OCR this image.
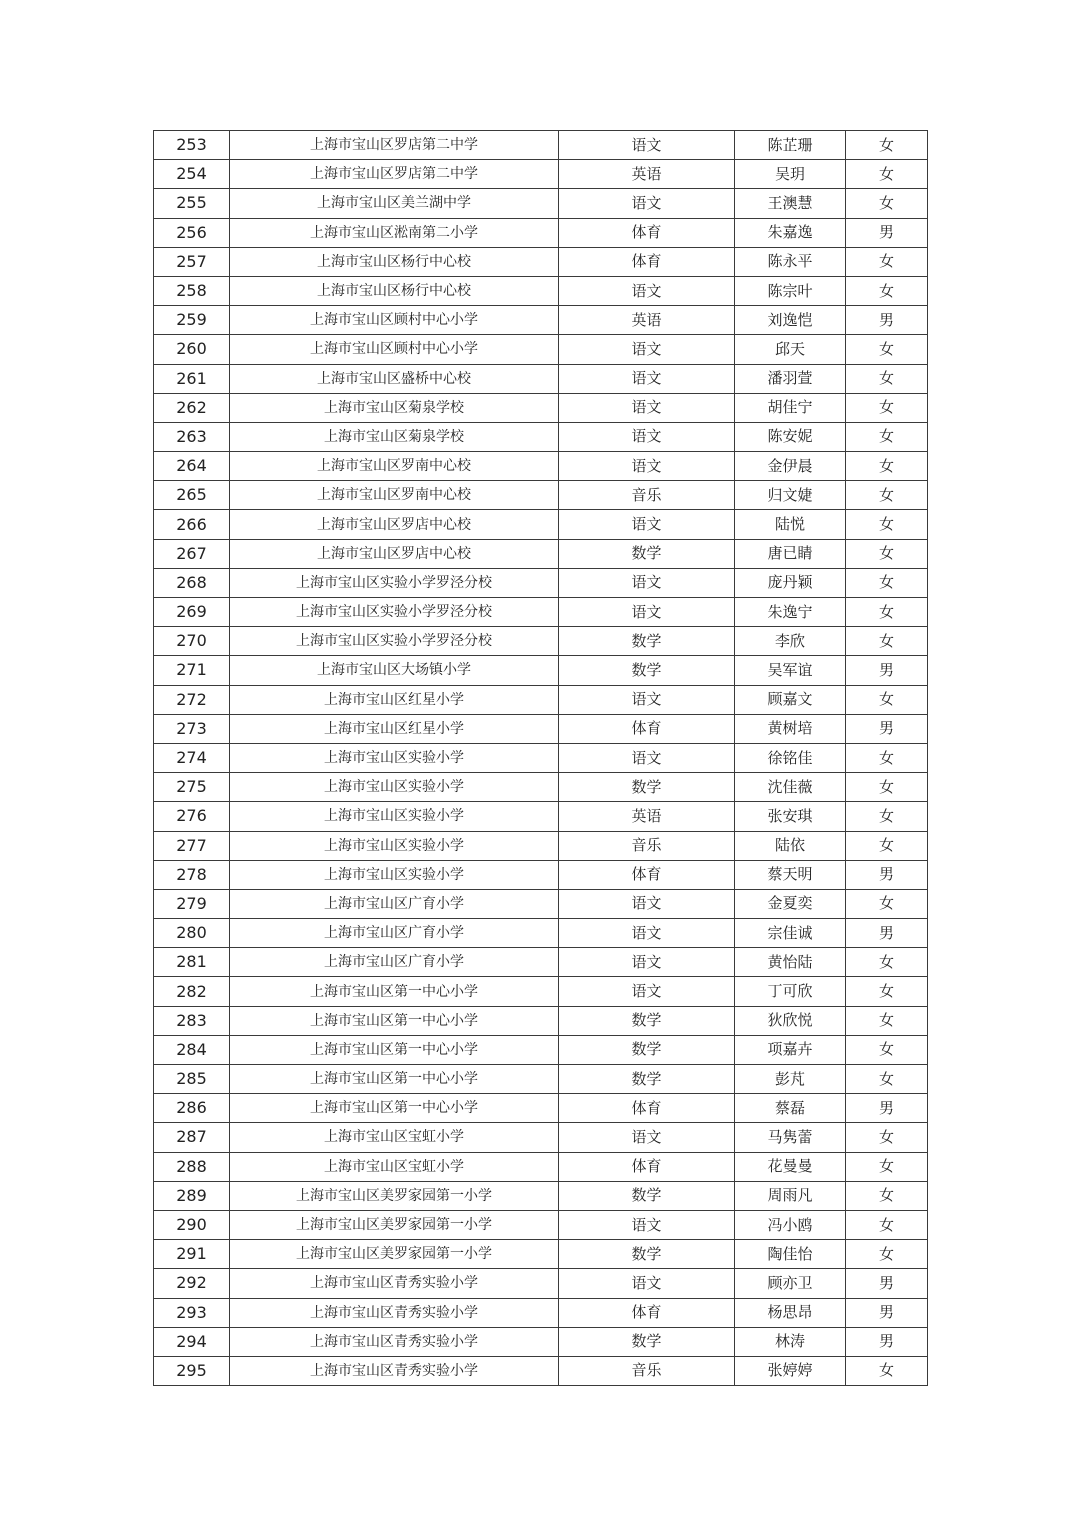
253	上海市宝山区罗店第二中学	语文	陈芷珊	女
254	上海市宝山区罗店第二中学	英语	吴玥	女
255	上海市宝山区美兰湖中学	语文	王澳慧	女
256	上海市宝山区淞南第二小学	体育	朱嘉逸	男
257	上海市宝山区杨行中心校	体育	陈永平	女
258	上海市宝山区杨行中心校	语文	陈宗叶	女
259	上海市宝山区顾村中心小学	英语	刘逸恺	男
260	上海市宝山区顾村中心小学	语文	邱天	女
261	上海市宝山区盛桥中心校	语文	潘羽萱	女
262	上海市宝山区菊泉学校	语文	胡佳宁	女
263	上海市宝山区菊泉学校	语文	陈安妮	女
264	上海市宝山区罗南中心校	语文	金伊晨	女
265	上海市宝山区罗南中心校	音乐	归文婕	女
266	上海市宝山区罗店中心校	语文	陆悦	女
267	上海市宝山区罗店中心校	数学	唐已睛	女
268	上海市宝山区实验小学罗泾分校	语文	庞丹颖	女
269	上海市宝山区实验小学罗泾分校	语文	朱逸宁	女
270	上海市宝山区实验小学罗泾分校	数学	李欣	女
271	上海市宝山区大场镇小学	数学	吴军谊	男
272	上海市宝山区红星小学	语文	顾嘉文	女
273	上海市宝山区红星小学	体育	黄树培	男
274	上海市宝山区实验小学	语文	徐铭佳	女
275	上海市宝山区实验小学	数学	沈佳薇	女
276	上海市宝山区实验小学	英语	张安琪	女
277	上海市宝山区实验小学	音乐	陆依	女
278	上海市宝山区实验小学	体育	蔡天明	男
279	上海市宝山区广育小学	语文	金夏奕	女
280	上海市宝山区广育小学	语文	宗佳诚	男
281	上海市宝山区广育小学	语文	黄怡陆	女
282	上海市宝山区第一中心小学	语文	丁可欣	女
283	上海市宝山区第一中心小学	数学	狄欣悦	女
284	上海市宝山区第一中心小学	数学	项嘉卉	女
285	上海市宝山区第一中心小学	数学	彭芃	女
286	上海市宝山区第一中心小学	体育	蔡磊	男
287	上海市宝山区宝虹小学	语文	马隽蕾	女
288	上海市宝山区宝虹小学	体育	花曼曼	女
289	上海市宝山区美罗家园第一小学	数学	周雨凡	女
290	上海市宝山区美罗家园第一小学	语文	冯小鸥	女
291	上海市宝山区美罗家园第一小学	数学	陶佳怡	女
292	上海市宝山区青秀实验小学	语文	顾亦卫	男
293	上海市宝山区青秀实验小学	体育	杨思昂	男
294	上海市宝山区青秀实验小学	数学	林涛	男
295	上海市宝山区青秀实验小学	音乐	张婷婷	女
